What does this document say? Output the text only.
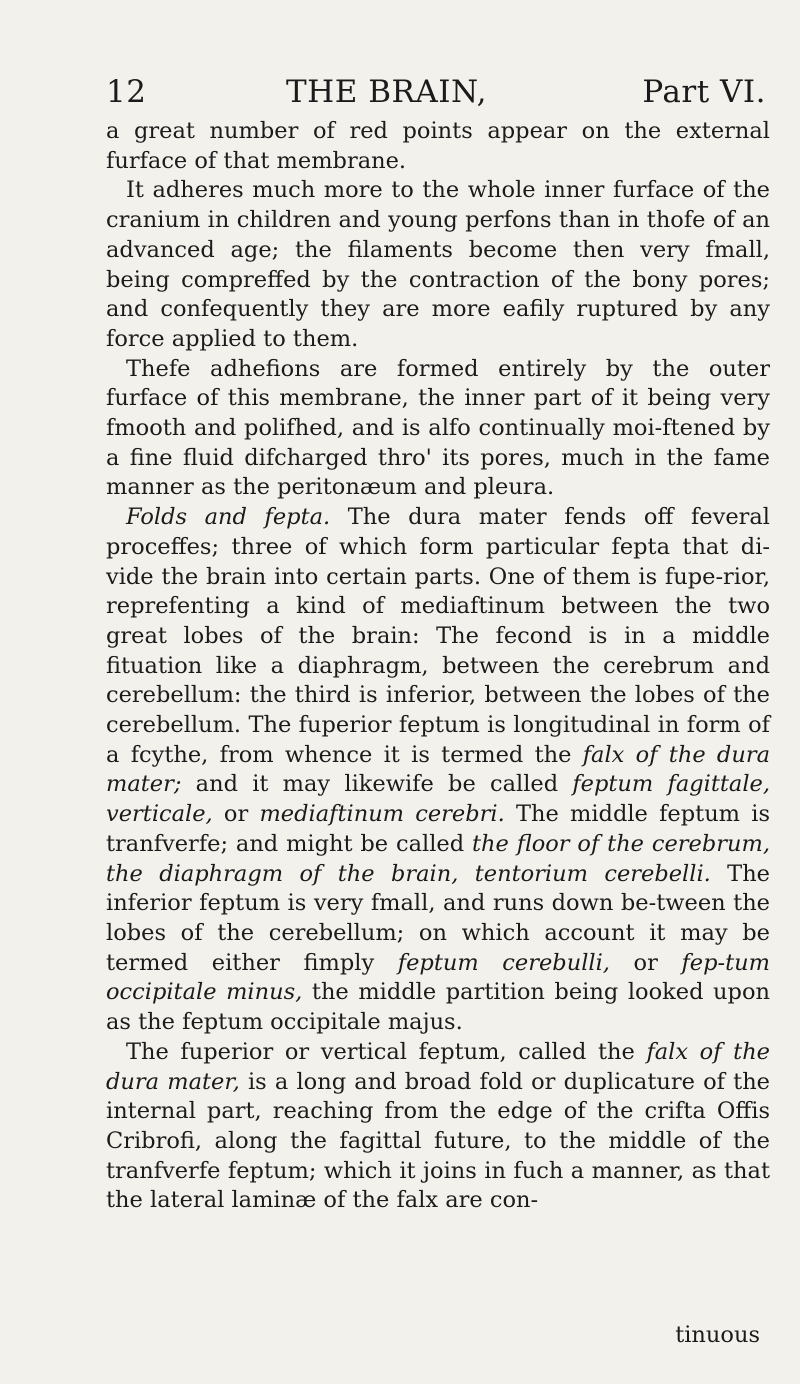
12	THE BRAIN,	Part VI.

a great number of red points appear on the external furface of that membrane.

It adheres much more to the whole inner furface of the cranium in children and young perfons than in thofe of an advanced age; the filaments become then very fmall, being compreffed by the contraction of the bony pores; and confequently they are more eafily ruptured by any force applied to them.

Thefe adhefions are formed entirely by the outer furface of this membrane, the inner part of it being very fmooth and polifhed, and is alfo continually moi-ftened by a fine fluid difcharged thro' its pores, much in the fame manner as the peritonæum and pleura.

Folds and fepta. The dura mater fends off feveral proceffes; three of which form particular fepta that di-vide the brain into certain parts. One of them is fupe-rior, reprefenting a kind of mediaftinum between the two great lobes of the brain: The fecond is in a middle fituation like a diaphragm, between the cerebrum and cerebellum: the third is inferior, between the lobes of the cerebellum. The fuperior feptum is longitudinal in form of a fcythe, from whence it is termed the falx of the dura mater; and it may likewife be called feptum fagittale, verticale, or mediaftinum cerebri. The middle feptum is tranfverfe; and might be called the floor of the cerebrum, the diaphragm of the brain, tentorium cerebelli. The inferior feptum is very fmall, and runs down be-tween the lobes of the cerebellum; on which account it may be termed either fimply feptum cerebulli, or fep-tum occipitale minus, the middle partition being looked upon as the feptum occipitale majus.

The fuperior or vertical feptum, called the falx of the dura mater, is a long and broad fold or duplicature of the internal part, reaching from the edge of the crifta Offis Cribrofi, along the fagittal future, to the middle of the tranfverfe feptum; which it joins in fuch a manner, as that the lateral laminæ of the falx are con-

tinuous
